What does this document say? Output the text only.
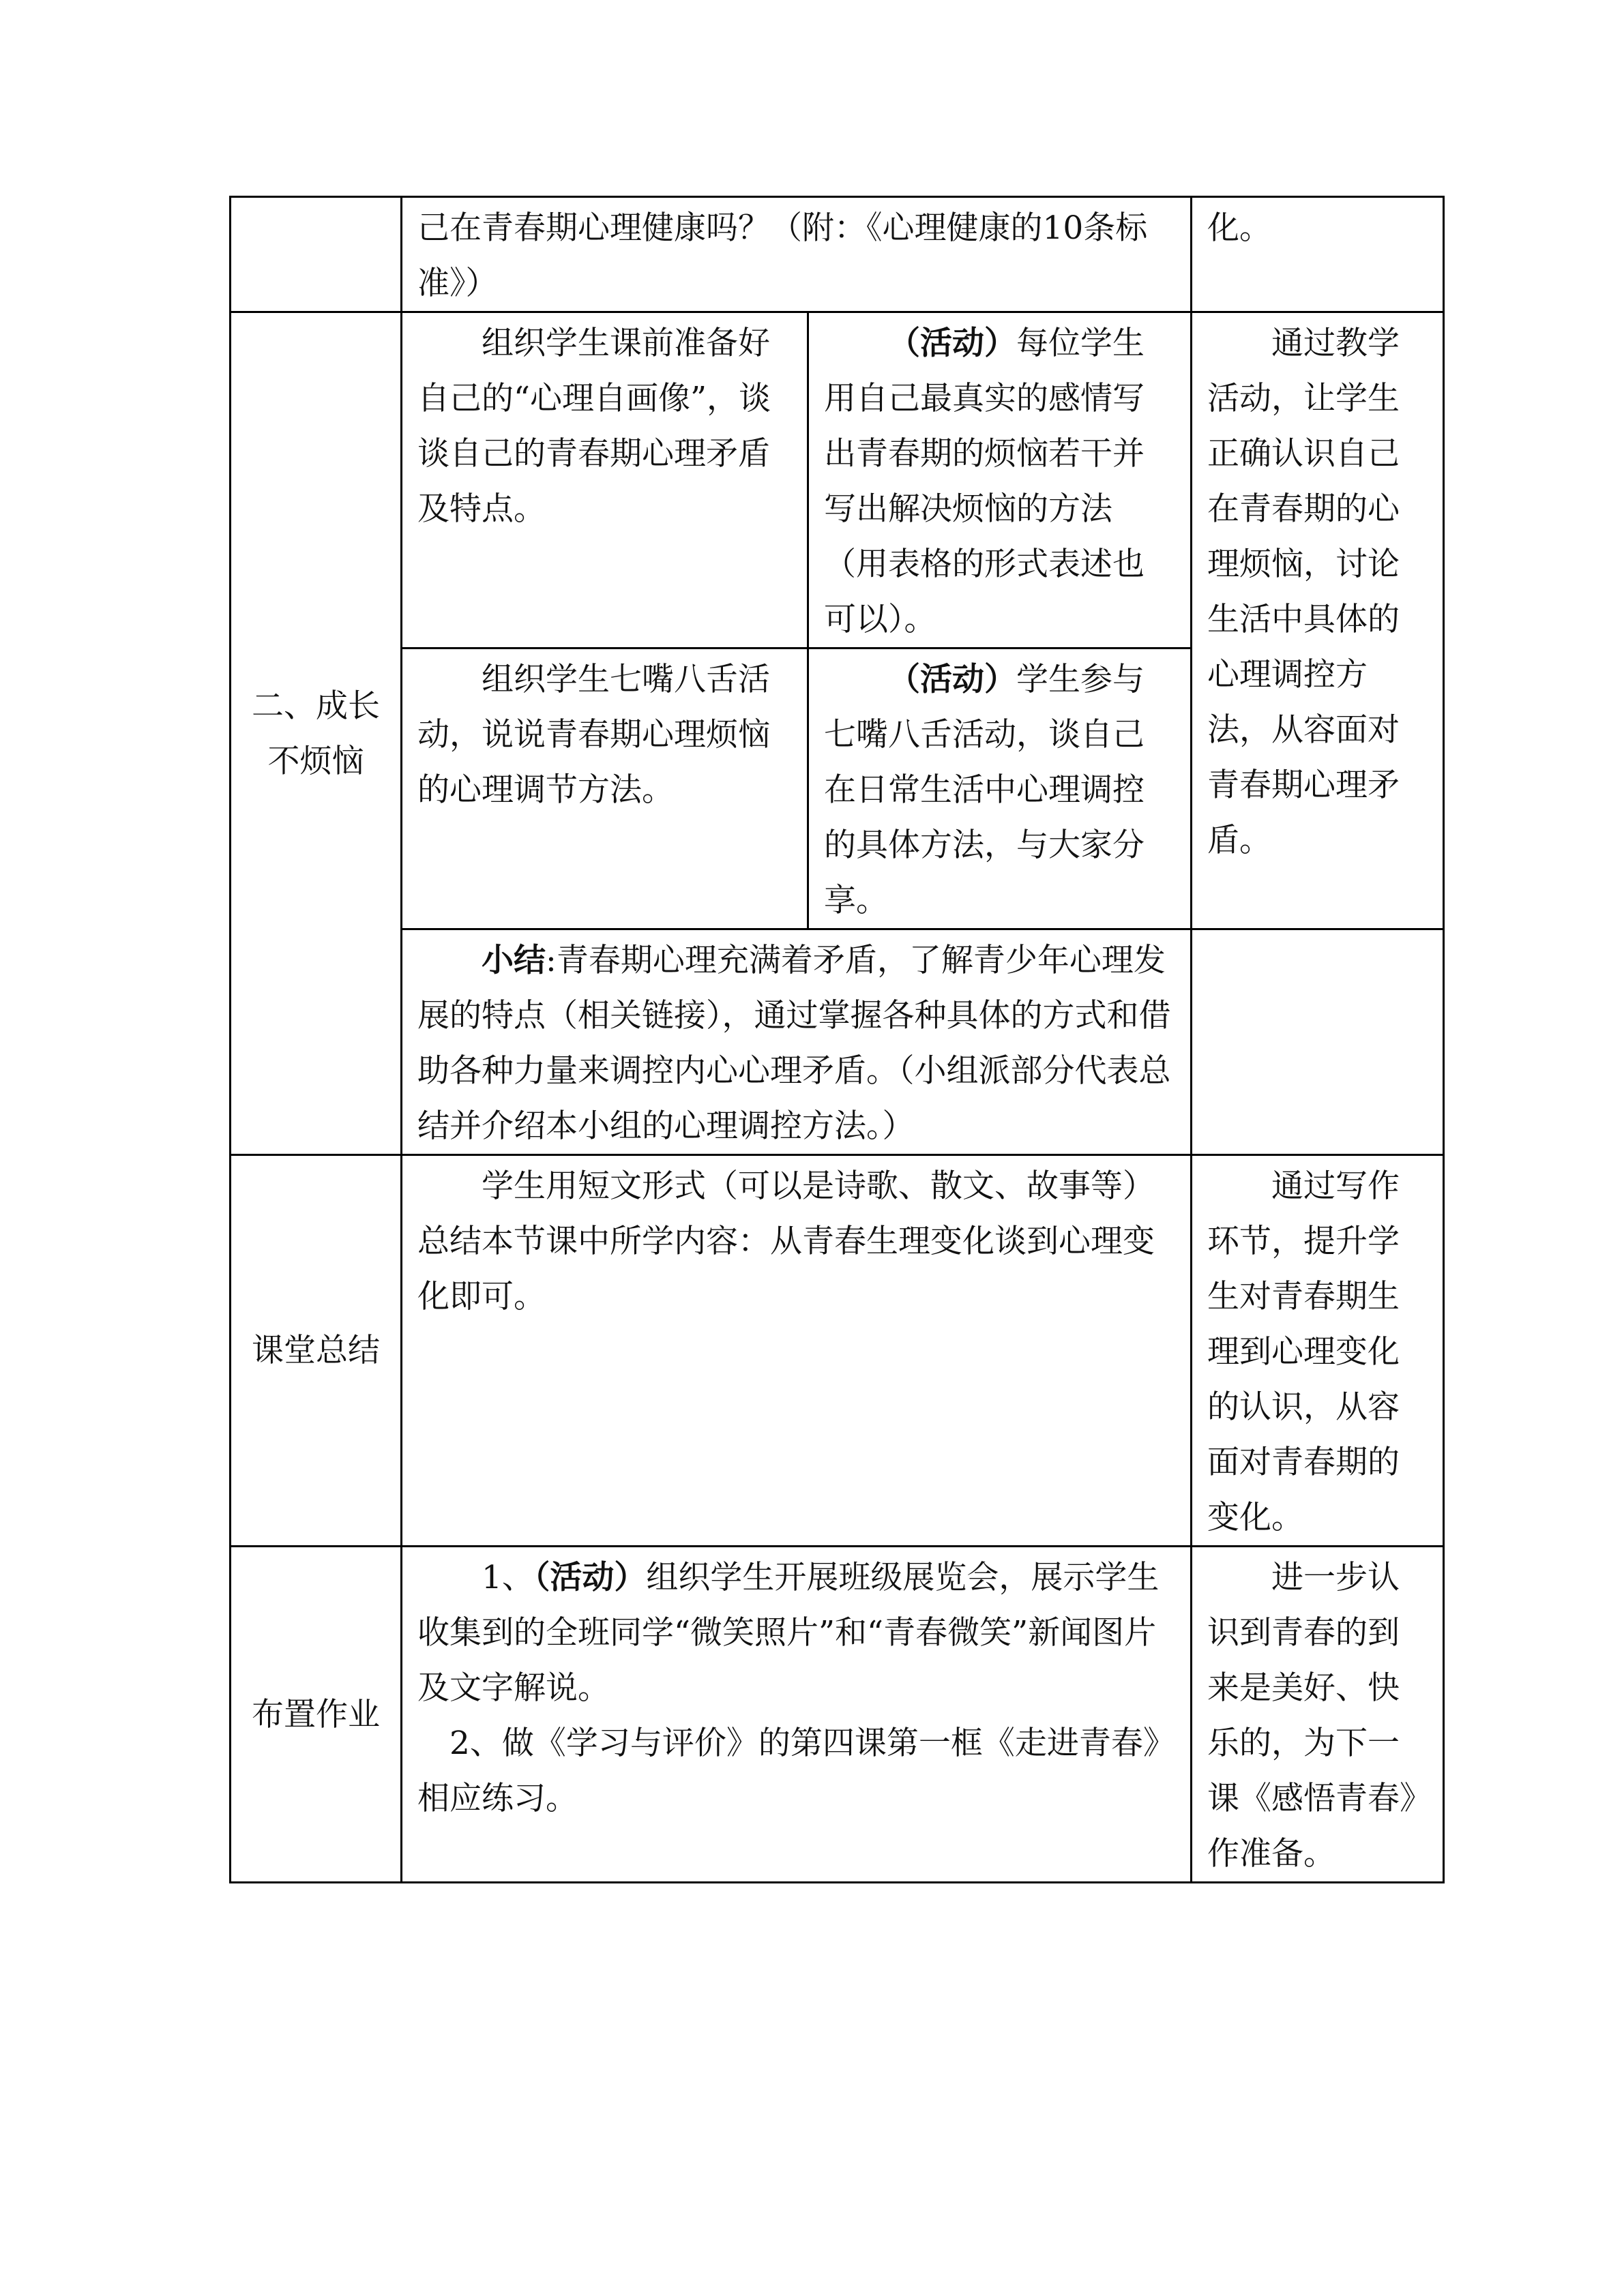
	己在青春期心理健康吗？（附：《心理健康的10条标准》）		化。

二、成长不烦恼	组织学生课前准备好自己的“心理自画像”，谈谈自己的青春期心理矛盾及特点。	（活动）每位学生用自己最真实的感情写出青春期的烦恼若干并写出解决烦恼的方法（用表格的形式表述也可以）。	通过教学活动，让学生正确认识自己在青春期的心理烦恼，讨论生活中具体的心理调控方法，从容面对青春期心理矛盾。

	组织学生七嘴八舌活动，说说青春期心理烦恼的心理调节方法。	（活动）学生参与七嘴八舌活动，谈自己在日常生活中心理调控的具体方法，与大家分享。	

	小结:青春期心理充满着矛盾，了解青少年心理发展的特点（相关链接），通过掌握各种具体的方式和借助各种力量来调控内心心理矛盾。（小组派部分代表总结并介绍本小组的心理调控方法。）		

课堂总结	学生用短文形式（可以是诗歌、散文、故事等）总结本节课中所学内容：从青春生理变化谈到心理变化即可。		通过写作环节，提升学生对青春期生理到心理变化的认识，从容面对青春期的变化。

布置作业	1、（活动）组织学生开展班级展览会，展示学生收集到的全班同学“微笑照片”和“青春微笑”新闻图片及文字解说。

2、做《学习与评价》的第四课第一框《走进青春》相应练习。		进一步认识到青春的到来是美好、快乐的，为下一课《感悟青春》作准备。
